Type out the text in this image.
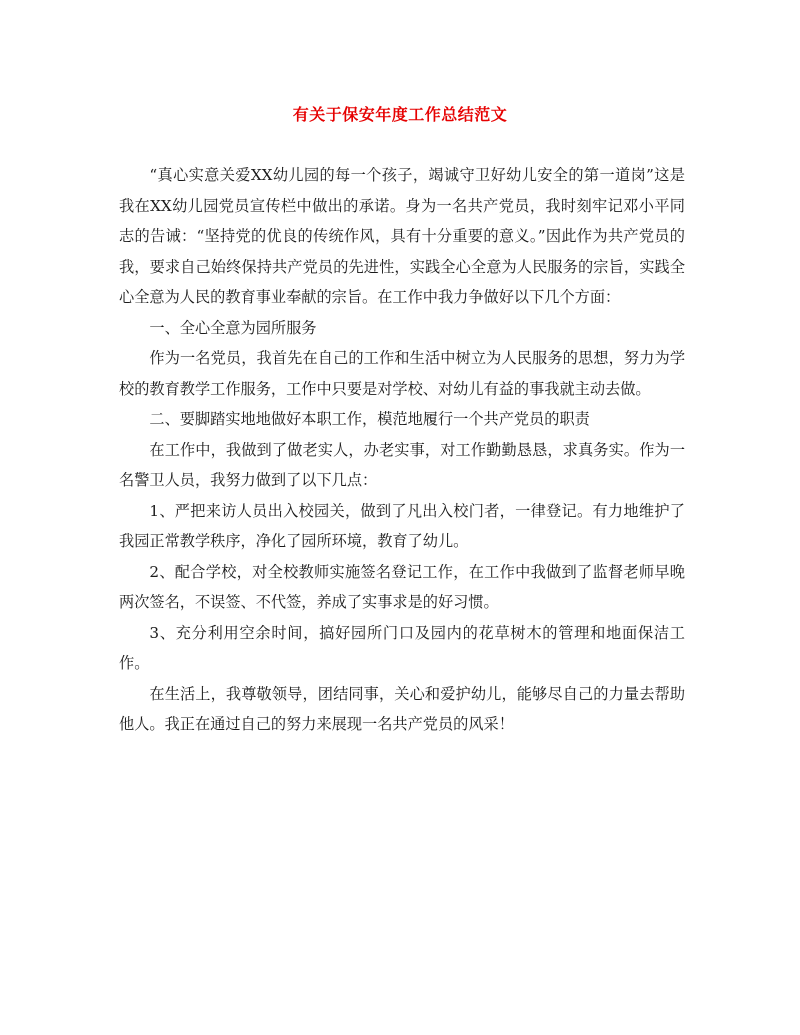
有关于保安年度工作总结范文

“真心实意关爱XX幼儿园的每一个孩子，竭诚守卫好幼儿安全的第一道岗”这是我在XX幼儿园党员宣传栏中做出的承诺。身为一名共产党员，我时刻牢记邓小平同志的告诫：“坚持党的优良的传统作风，具有十分重要的意义。”因此作为共产党员的我，要求自己始终保持共产党员的先进性，实践全心全意为人民服务的宗旨，实践全心全意为人民的教育事业奉献的宗旨。在工作中我力争做好以下几个方面：

一、全心全意为园所服务

作为一名党员，我首先在自己的工作和生活中树立为人民服务的思想，努力为学校的教育教学工作服务，工作中只要是对学校、对幼儿有益的事我就主动去做。

二、要脚踏实地地做好本职工作，模范地履行一个共产党员的职责

在工作中，我做到了做老实人，办老实事，对工作勤勤恳恳，求真务实。作为一名警卫人员，我努力做到了以下几点：

1、严把来访人员出入校园关，做到了凡出入校门者，一律登记。有力地维护了我园正常教学秩序，净化了园所环境，教育了幼儿。

2、配合学校，对全校教师实施签名登记工作，在工作中我做到了监督老师早晚两次签名，不误签、不代签，养成了实事求是的好习惯。

3、充分利用空余时间，搞好园所门口及园内的花草树木的管理和地面保洁工作。

在生活上，我尊敬领导，团结同事，关心和爱护幼儿，能够尽自己的力量去帮助他人。我正在通过自己的努力来展现一名共产党员的风采！
